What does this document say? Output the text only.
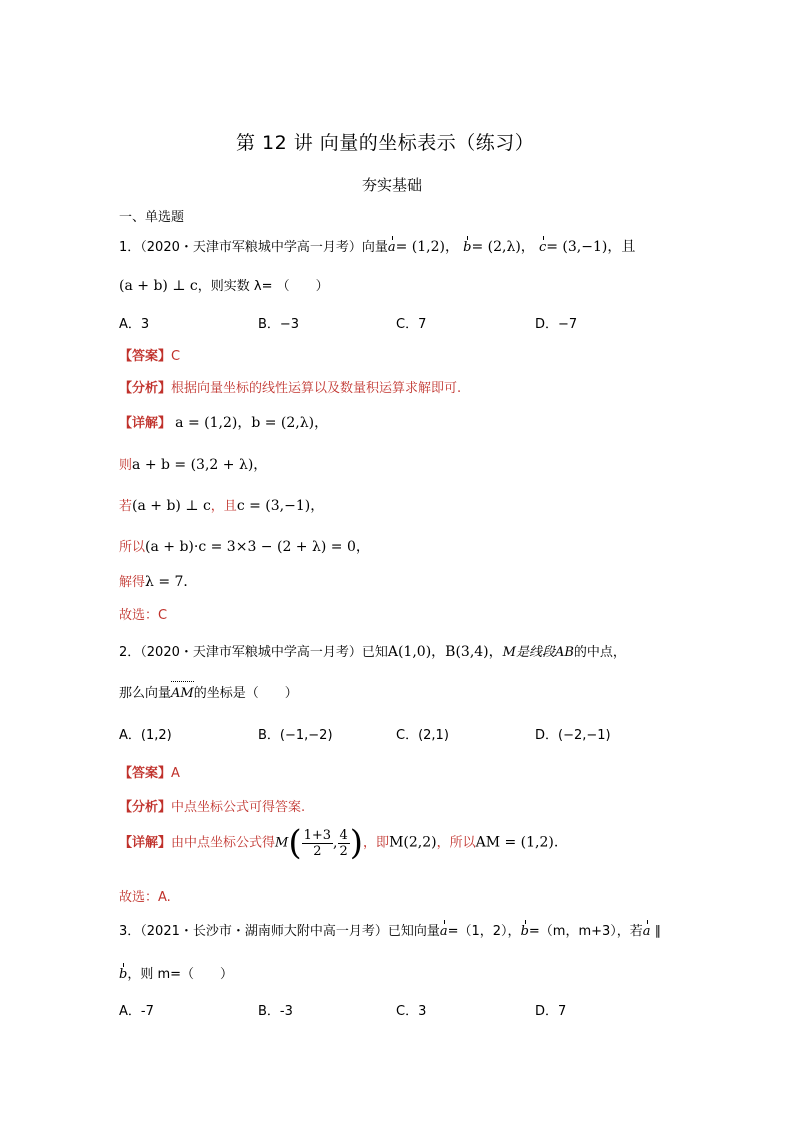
第 12 讲 向量的坐标表示（练习）
夯实基础
一、单选题
1．（2020・天津市军粮城中学高一月考）向量a= (1,2)， b= (2,λ)， c= (3,−1)，且
(a + b) ⊥ c，则实数 λ= （　　）
A．3	B．−3	C．7	D．−7
【答案】C
【分析】根据向量坐标的线性运算以及数量积运算求解即可.
【详解】 a = (1,2)，b = (2,λ)，
则a + b = (3,2 + λ)，
若(a + b) ⊥ c，且c = (3,−1)，
所以(a + b)·c = 3×3 − (2 + λ) = 0，
解得λ = 7．
故选：C
2．（2020・天津市军粮城中学高一月考）已知A(1,0)，B(3,4)，M是线段AB的中点，
那么向量AM的坐标是（　　）
A．(1,2)	B．(−1,−2)	C．(2,1)	D．(−2,−1)
【答案】A
【分析】中点坐标公式可得答案.
【详解】由中点坐标公式得$M( \frac{1+3}{2}$ , $\frac{4}{2}$ )，即M(2,2)，所以AM = (1,2).
故选：A.
3．（2021・长沙市・湖南师大附中高一月考）已知向量a=（1，2），b=（m，m+3），若a ∥
b，则 m=（　　）
A．-7	B．-3	C．3	D．7
